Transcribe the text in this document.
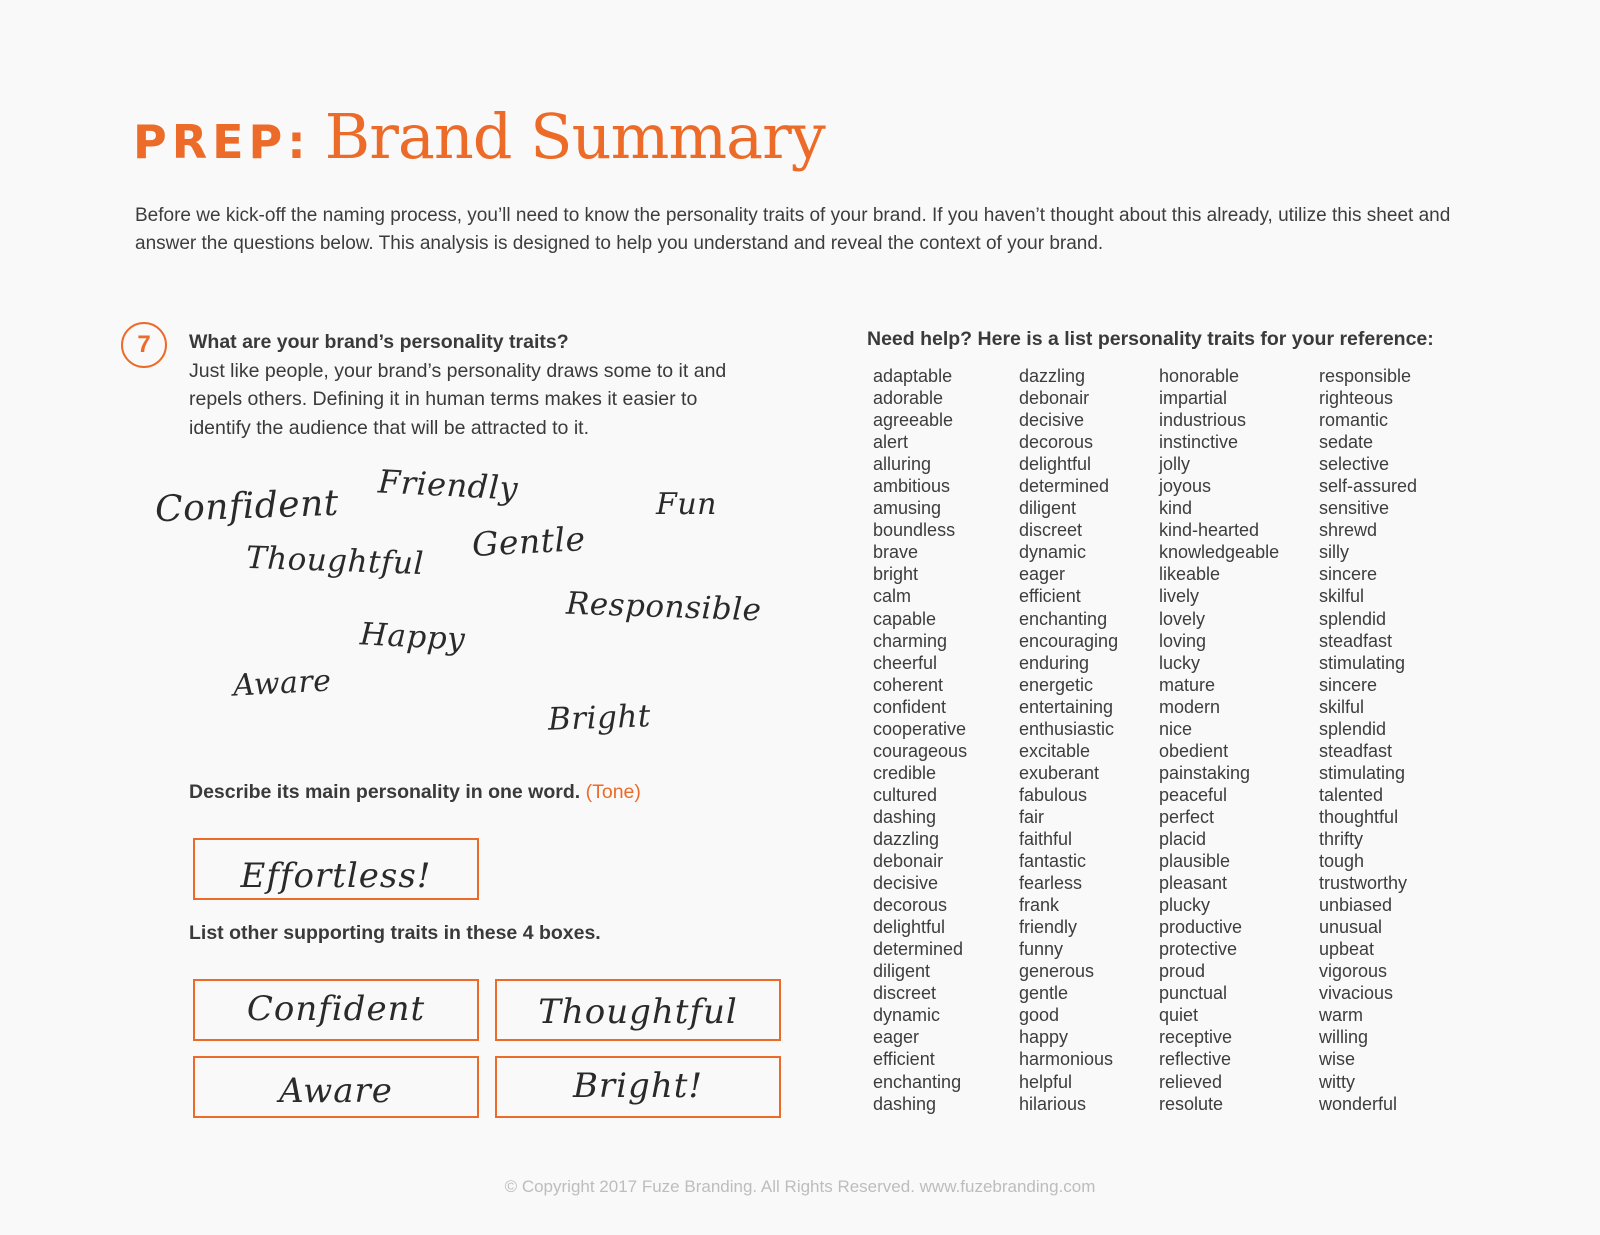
PREP: Brand Summary
Before we kick-off the naming process, you’ll need to know the personality traits of your brand. If you haven’t thought about this already, utilize this sheet and answer the questions below. This analysis is designed to help you understand and reveal the context of your brand.
7	What are your brand’s personality traits?
Just like people, your brand’s personality draws some to it and repels others. Defining it in human terms makes it easier to identify the audience that will be attracted to it.
Confident Friendly	Fun
Thoughtful Gentle
Responsible
Happy
Aware
Bright
Describe its main personality in one word. (Tone)
Effortless!
List other supporting traits in these 4 boxes.
Confident	Thoughtful
Aware	Bright!
Need help? Here is a list personality traits for your reference:
adaptable
adorable
agreeable
alert
alluring
ambitious
amusing
boundless
brave
bright
calm
capable
charming
cheerful
coherent
confident
cooperative
courageous
credible
cultured
dashing
dazzling
debonair
decisive
decorous
delightful
determined
diligent
discreet
dynamic
eager
efficient
enchanting
dashing
dazzling
debonair
decisive
decorous
delightful
determined
diligent
discreet
dynamic
eager
efficient
enchanting
encouraging
enduring
energetic
entertaining
enthusiastic
excitable
exuberant
fabulous
fair
faithful
fantastic
fearless
frank
friendly
funny
generous
gentle
good
happy
harmonious
helpful
hilarious
honorable
impartial
industrious
instinctive
jolly
joyous
kind
kind-hearted
knowledgeable
likeable
lively
lovely
loving
lucky
mature
modern
nice
obedient
painstaking
peaceful
perfect
placid
plausible
pleasant
plucky
productive
protective
proud
punctual
quiet
receptive
reflective
relieved
resolute
responsible
righteous
romantic
sedate
selective
self-assured
sensitive
shrewd
silly
sincere
skilful
splendid
steadfast
stimulating
sincere
skilful
splendid
steadfast
stimulating
talented
thoughtful
thrifty
tough
trustworthy
unbiased
unusual
upbeat
vigorous
vivacious
warm
willing
wise
witty
wonderful
© Copyright 2017 Fuze Branding. All Rights Reserved. www.fuzebranding.com
